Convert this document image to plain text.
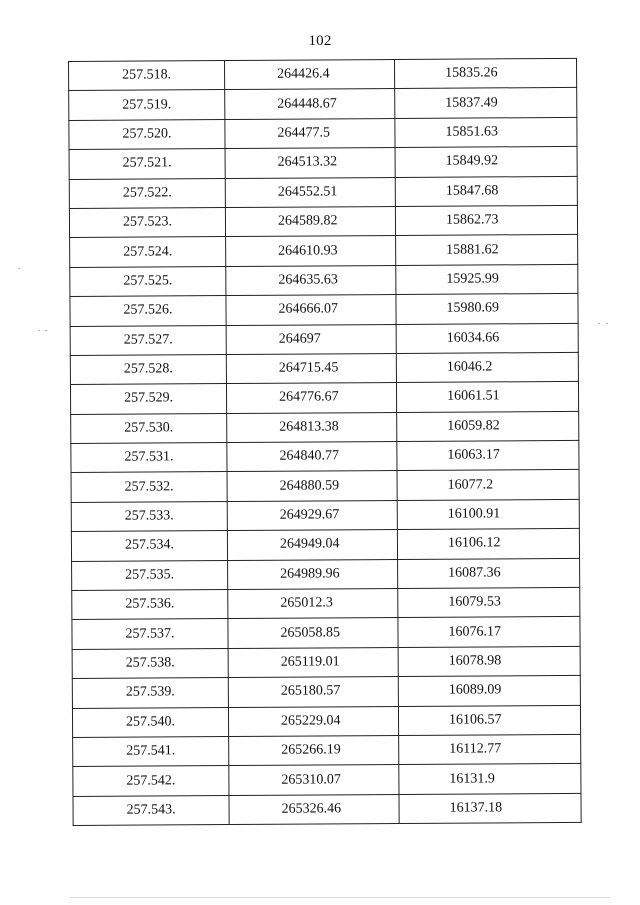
102
257.518.	264426.4	15835.26
257.519.	264448.67	15837.49
257.520.	264477.5	15851.63
257.521.	264513.32	15849.92
257.522.	264552.51	15847.68
257.523.	264589.82	15862.73
257.524.	264610.93	15881.62
257.525.	264635.63	15925.99
257.526.	264666.07	15980.69
257.527.	264697	16034.66
257.528.	264715.45	16046.2
257.529.	264776.67	16061.51
257.530.	264813.38	16059.82
257.531.	264840.77	16063.17
257.532.	264880.59	16077.2
257.533.	264929.67	16100.91
257.534.	264949.04	16106.12
257.535.	264989.96	16087.36
257.536.	265012.3	16079.53
257.537.	265058.85	16076.17
257.538.	265119.01	16078.98
257.539.	265180.57	16089.09
257.540.	265229.04	16106.57
257.541.	265266.19	16112.77
257.542.	265310.07	16131.9
257.543.	265326.46	16137.18
